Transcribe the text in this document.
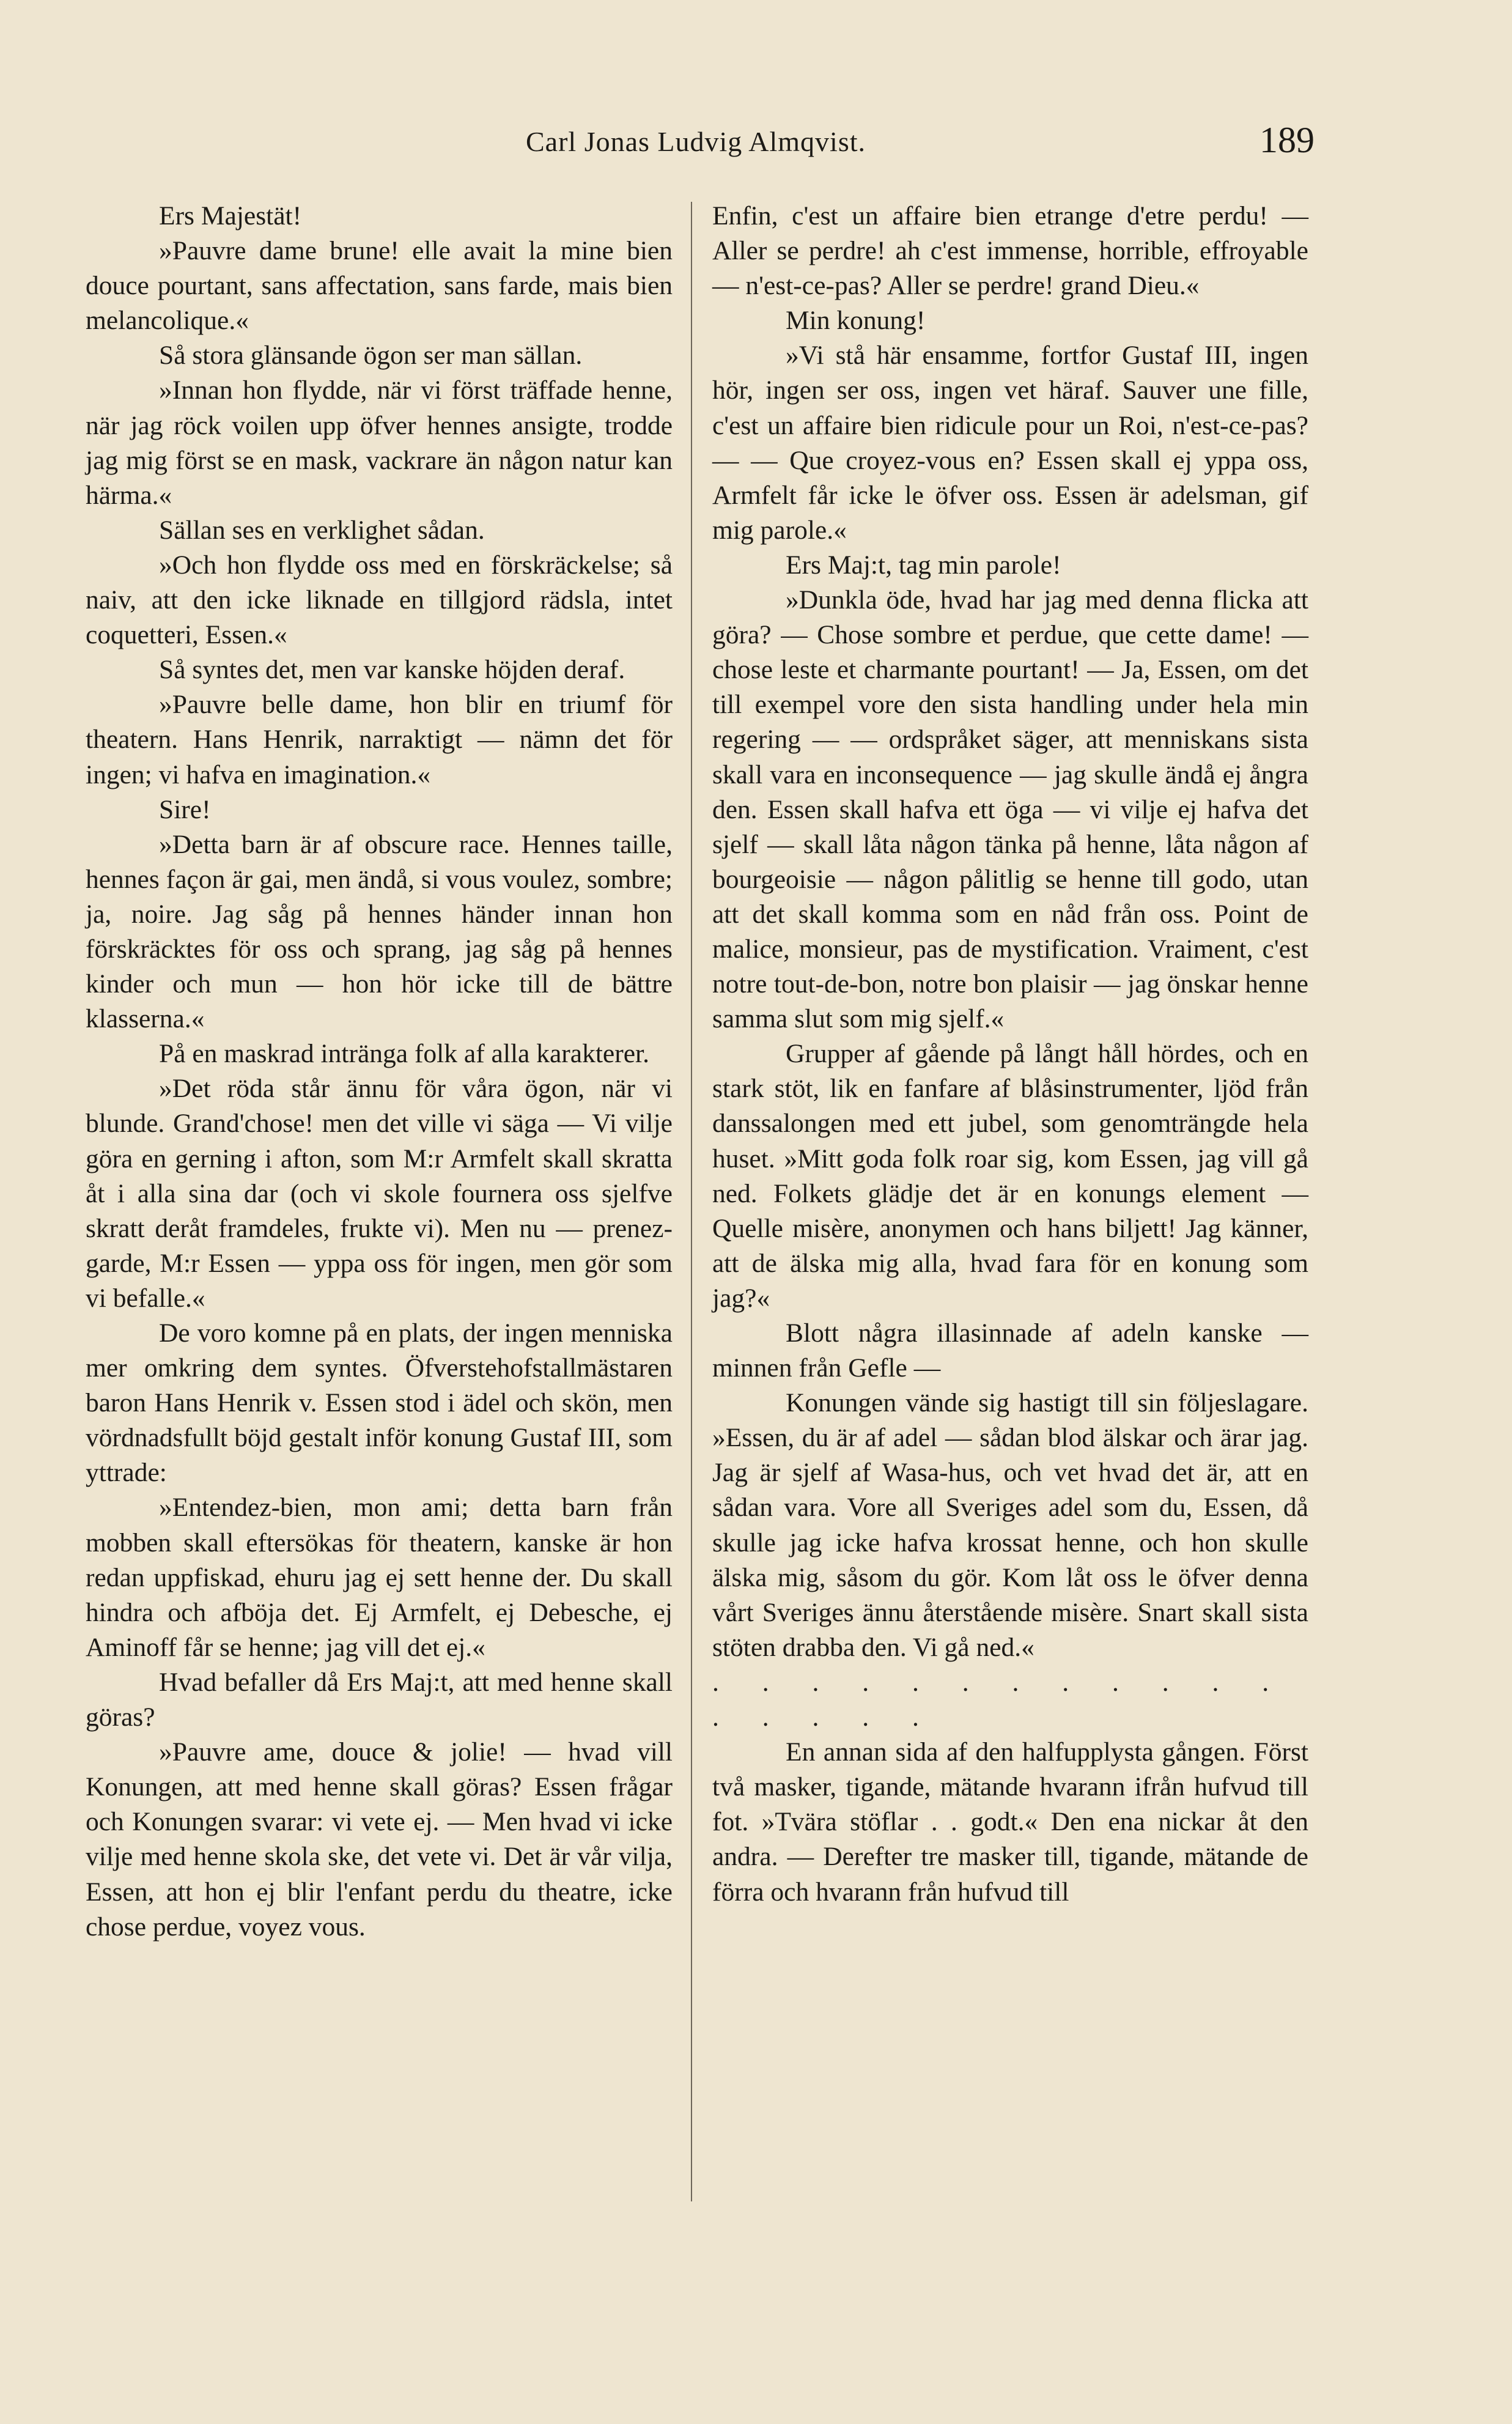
Carl Jonas Ludvig Almqvist.	189

Ers Majestät!

»Pauvre dame brune! elle avait la mine bien douce pourtant, sans affectation, sans farde, mais bien melancolique.«

Så stora glänsande ögon ser man sällan.

»Innan hon flydde, när vi först träffade henne, när jag röck voilen upp öfver hennes ansigte, trodde jag mig först se en mask, vackrare än någon natur kan härma.«

Sällan ses en verklighet sådan.

»Och hon flydde oss med en förskräckelse; så naiv, att den icke liknade en tillgjord rädsla, intet coquetteri, Essen.«

Så syntes det, men var kanske höjden deraf.

»Pauvre belle dame, hon blir en triumf för theatern. Hans Henrik, narraktigt — nämn det för ingen; vi hafva en imagination.«

Sire!

»Detta barn är af obscure race. Hennes taille, hennes façon är gai, men ändå, si vous voulez, sombre; ja, noire. Jag såg på hennes händer innan hon förskräcktes för oss och sprang, jag såg på hennes kinder och mun — hon hör icke till de bättre klasserna.«

På en maskrad inträngа folk af alla karakterer.

»Det röda står ännu för våra ögon, när vi blunde. Grand'chose! men det ville vi säga — Vi vilje göra en gerning i afton, som M:r Armfelt skall skratta åt i alla sina dar (och vi skole fournera oss sjelfve skratt deråt framdeles, frukte vi). Men nu — prenez-garde, M:r Essen — yppa oss för ingen, men gör som vi befalle.«

De voro komne på en plats, der ingen menniska mer omkring dem syntes. Öfverstehofstallmästaren baron Hans Henrik v. Essen stod i ädel och skön, men vördnadsfullt böjd gestalt inför konung Gustaf III, som yttrade:

»Entendez-bien, mon ami; detta barn från mobben skall eftersökas för theatern, kanske är hon redan uppfiskad, ehuru jag ej sett henne der. Du skall hindra och afböja det. Ej Armfelt, ej Debesche, ej Aminoff får se henne; jag vill det ej.«

Hvad befaller då Ers Maj:t, att med henne skall göras?

»Pauvre ame, douce & jolie! — hvad vill Konungen, att med henne skall göras? Essen frågar och Konungen svarar: vi vete ej. — Men hvad vi icke vilje med henne skola ske, det vete vi. Det är vår vilja, Essen, att hon ej blir l'enfant perdu du theatre, icke chose perdue, voyez vous.

Enfin, c'est un affaire bien etrange d'etre perdu! — Aller se perdre! ah c'est immense, horrible, effroyable — n'est-ce-pas? Aller se perdre! grand Dieu.«

Min konung!

»Vi stå här ensamme, fortfor Gustaf III, ingen hör, ingen ser oss, ingen vet häraf. Sauver une fille, c'est un affaire bien ridicule pour un Roi, n'est-ce-pas? — — Que croyez-vous en? Essen skall ej yppa oss, Armfelt får icke le öfver oss. Essen är adelsman, gif mig parole.«

Ers Maj:t, tag min parole!

»Dunkla öde, hvad har jag med denna flicka att göra? — Chose sombre et perdue, que cette dame! — chose leste et charmante pourtant! — Ja, Essen, om det till exempel vore den sista handling under hela min regering — — ordspråket säger, att menniskans sista skall vara en inconsequence — jag skulle ändå ej ångra den. Essen skall hafva ett öga — vi vilje ej hafva det sjelf — skall låta någon tänka på henne, låta någon af bourgeoisie — någon pålitlig se henne till godo, utan att det skall komma som en nåd från oss. Point de malice, monsieur, pas de mystification. Vraiment, c'est notre tout-de-bon, notre bon plaisir — jag önskar henne samma slut som mig sjelf.«

Grupper af gående på långt håll hördes, och en stark stöt, lik en fanfare af blåsinstrumenter, ljöd från danssalongen med ett jubel, som genomträngde hela huset. »Mitt goda folk roar sig, kom Essen, jag vill gå ned. Folkets glädje det är en konungs element — Quelle misère, anonymen och hans biljett! Jag känner, att de älska mig alla, hvad fara för en konung som jag?«

Blott några illasinnade af adeln kanske — minnen från Gefle —

Konungen vände sig hastigt till sin följeslagare. »Essen, du är af adel — sådan blod älskar och ärar jag. Jag är sjelf af Wasa-hus, och vet hvad det är, att en sådan vara. Vore all Sveriges adel som du, Essen, då skulle jag icke hafva krossat henne, och hon skulle älska mig, såsom du gör. Kom låt oss le öfver denna vårt Sveriges ännu återstående misère. Snart skall sista stöten drabba den. Vi gå ned.«

. . . . . . . . . . . . . . . . .

En annan sida af den halfupplysta gången. Först två masker, tigande, mätande hvarann ifrån hufvud till fot. »Tvära stöflar . . godt.« Den ena nickar åt den andra. — Derefter tre masker till, tigande, mätande de förra och hvarann från hufvud till
